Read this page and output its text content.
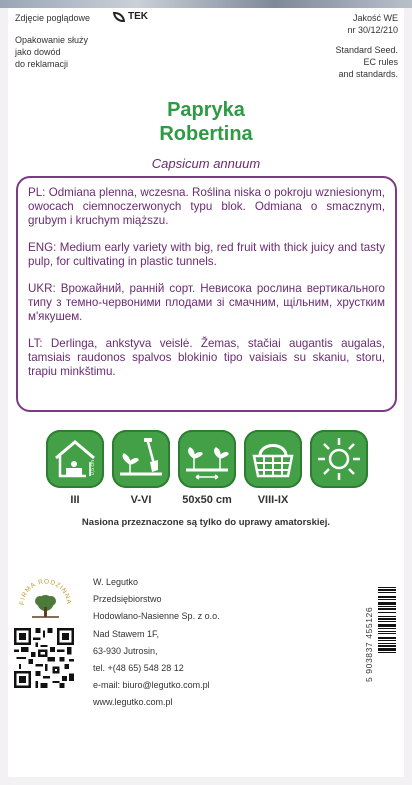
Zdjęcie poglądowe	TEK
Opakowanie służy
jako dowód
do reklamacji
Jakość WE
nr 30/12/210
Standard Seed.
EC rules
and standards.
Papryka
Robertina
Capsicum annuum

PL: Odmiana plenna, wczesna. Roślina niska o pokroju wzniesionym, owocach ciemnoczerwonych typu blok. Odmiana o smacznym, grubym i kruchym miąższu.

ENG: Medium early variety with big, red fruit with thick juicy and tasty pulp, for cultivating in plastic tunnels.

UKR: Врожайний, ранній сорт. Невисока рослина вертикального типу з темно-червоними плодами зі смачним, щільним, хрустким м'якушем.

LT: Derlinga, ankstyva veislė. Žemas, stačiai augantis augalas, tamsiais raudonos spalvos blokinio tipo vaisiais su skaniu, storu, trapiu minkštimu.

0,5 cm
III	V-VI	50x50 cm	VIII-IX
Nasiona przeznaczone są tylko do uprawy amatorskiej.
FIRMA RODZINNA
W. Legutko
Przedsiębiorstwo
Hodowlano-Nasienne Sp. z o.o.
Nad Stawem 1F,
63-930 Jutrosin,
tel. +(48 65) 548 28 12
e-mail: biuro@legutko.com.pl
www.legutko.com.pl
5 903837 455126
